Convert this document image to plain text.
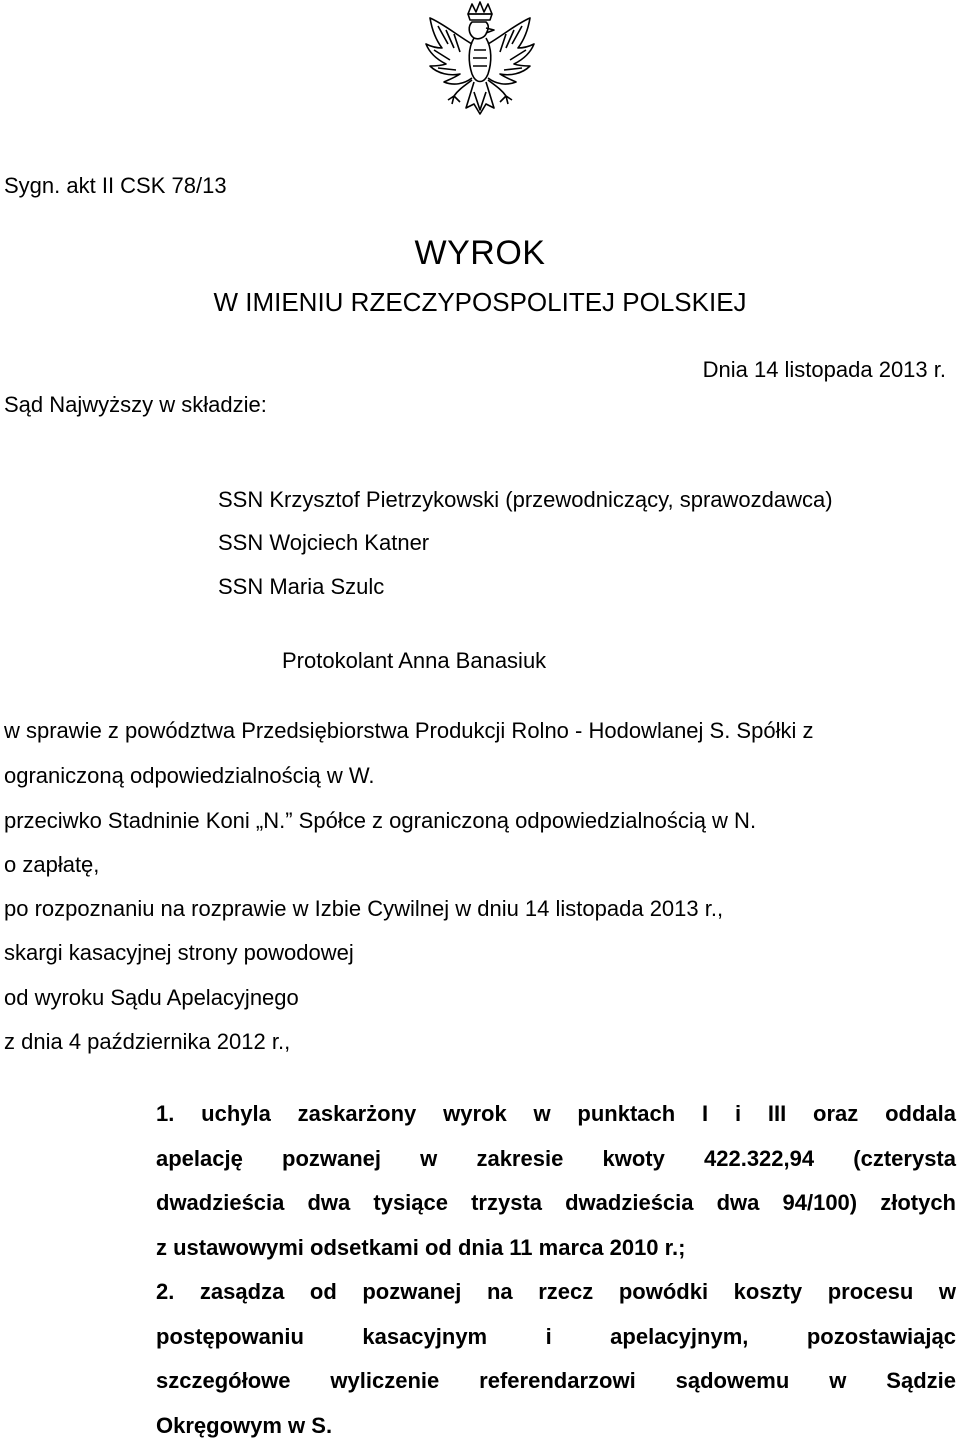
Sygn. akt II CSK 78/13
WYROK
W IMIENIU RZECZYPOSPOLITEJ POLSKIEJ
Dnia 14 listopada 2013 r.
Sąd Najwyższy w składzie:
SSN Krzysztof Pietrzykowski (przewodniczący, sprawozdawca)
SSN Wojciech Katner
SSN Maria Szulc
Protokolant Anna Banasiuk
w sprawie z powództwa Przedsiębiorstwa Produkcji Rolno - Hodowlanej S. Spółki z
ograniczoną odpowiedzialnością w W.
przeciwko Stadninie Koni „N.” Spółce z ograniczoną odpowiedzialnością w N.
o zapłatę,
po rozpoznaniu na rozprawie w Izbie Cywilnej w dniu 14 listopada 2013 r.,
skargi kasacyjnej strony powodowej
od wyroku Sądu Apelacyjnego
z dnia 4 października 2012 r.,
1. uchyla zaskarżony wyrok w punktach I i III oraz oddala
apelację pozwanej w zakresie kwoty 422.322,94 (czterysta
dwadzieścia dwa tysiące trzysta dwadzieścia dwa 94/100) złotych
z ustawowymi odsetkami od dnia 11 marca 2010 r.;
2. zasądza od pozwanej na rzecz powódki koszty procesu w
postępowaniu kasacyjnym i apelacyjnym, pozostawiając
szczegółowe wyliczenie referendarzowi sądowemu w Sądzie
Okręgowym w S.
